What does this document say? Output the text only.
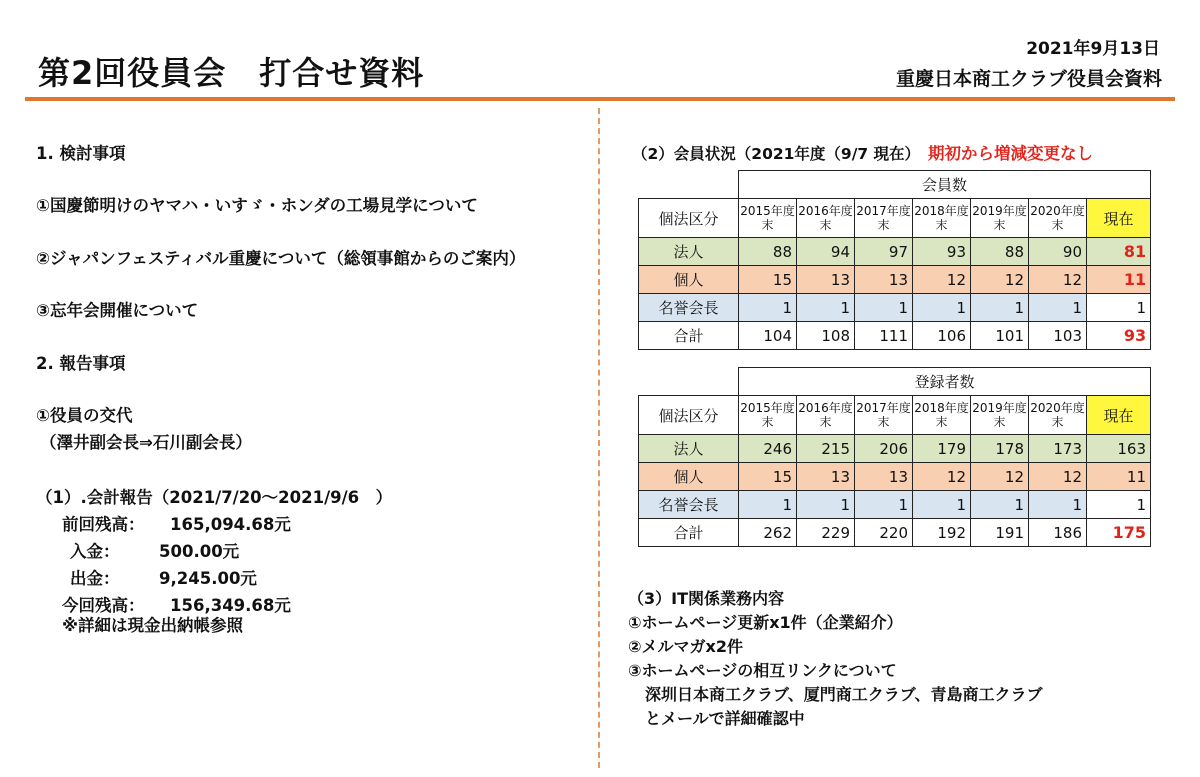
第2回役員会　打合せ資料
2021年9月13日
重慶日本商工クラブ役員会資料

1. 検討事項

①国慶節明けのヤマハ・いすゞ・ホンダの工場見学について

②ジャパンフェスティバル重慶について（総領事館からのご案内）

③忘年会開催について

2. 報告事項

①役員の交代

（澤井副会長⇒石川副会長）

（1）.会計報告（2021/7/20～2021/9/6　）

前回残高： 165,094.68元

入金： 500.00元

出金： 9,245.00元

今回残高： 156,349.68元

※詳細は現金出納帳参照

（2）会員状況（2021年度（9/7 現在） 期初から増減変更なし

	会員数						
個法区分	2015年度末	2016年度末	2017年度末	2018年度末	2019年度末	2020年度末	現在
法人	88	94	97	93	88	90	81
個人	15	13	13	12	12	12	11
名誉会長	1	1	1	1	1	1	1
合計	104	108	111	106	101	103	93
	登録者数						
個法区分	2015年度末	2016年度末	2017年度末	2018年度末	2019年度末	2020年度末	現在
法人	246	215	206	179	178	173	163
個人	15	13	13	12	12	12	11
名誉会長	1	1	1	1	1	1	1
合計	262	229	220	192	191	186	175

（3）IT関係業務内容

①ホームページ更新x1件（企業紹介）

②メルマガx2件

③ホームページの相互リンクについて

深圳日本商工クラブ、厦門商工クラブ、青島商工クラブ

とメールで詳細確認中
